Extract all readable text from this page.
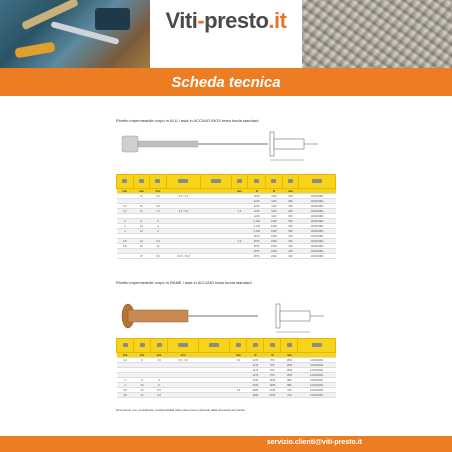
Viti-presto.it
Scheda tecnica
Rivetto impermeabile corpo in ALU / asta in ACCIAIO INOX testa tonda standard

mm	mm	mm			mm	N	N	mm	
	8	4,5	0,5 - 2,0			1240	1110	960	1201100R1
						1240	1110	960	1201100R1
3,2	10	6,0				1240	1110	960	1201100R1
3,2	11	7,0	4,5 - 6,0		3,3	1240	1110	960	1201100R1
						1240	1110	960	1201100R1
4	8	5				2,130	1900	960	1201100R1
4	10	6				2,130	1900	960	1201100R1
4	12	6				2,130	1900	960	1201100R1
						3870	2320	230	1201100R1
4,8	12	6,5			4,9	3870	2320	230	1201100R1
4,8	16	11				3870	2320	230	1201100R1
						3870	2320	230	1201100R1
	27	8,0	15,0 - 15,0			3870	2320	230	1201100R1
Rivetto impermeabile corpo in RAME / asta in ACCIAIO testa tonda standard

mm	mm	mm	mm		mm	N	N	mm	
3,2	8	4,5	0,5 - 3,0		3,3	1270	870	1500	1201100R1
						1270	870	1500	1201100R1
						1270	870	1500	1201100R1
						1270	870	1500	1201100R1
4	8	5				2190	1480	880	1201100R1
4	10	6				2190	1480	880	1201100R1
4,8	10	6,5			4,9	3280	2190	230	1201100R1
4,8	12	6,5				3280	2190	230	1201100R1
Documento non contrattuale, la disponibilità delle varie misure dipende dalla domanda del cliente.
servizio.clienti@viti-presto.it
